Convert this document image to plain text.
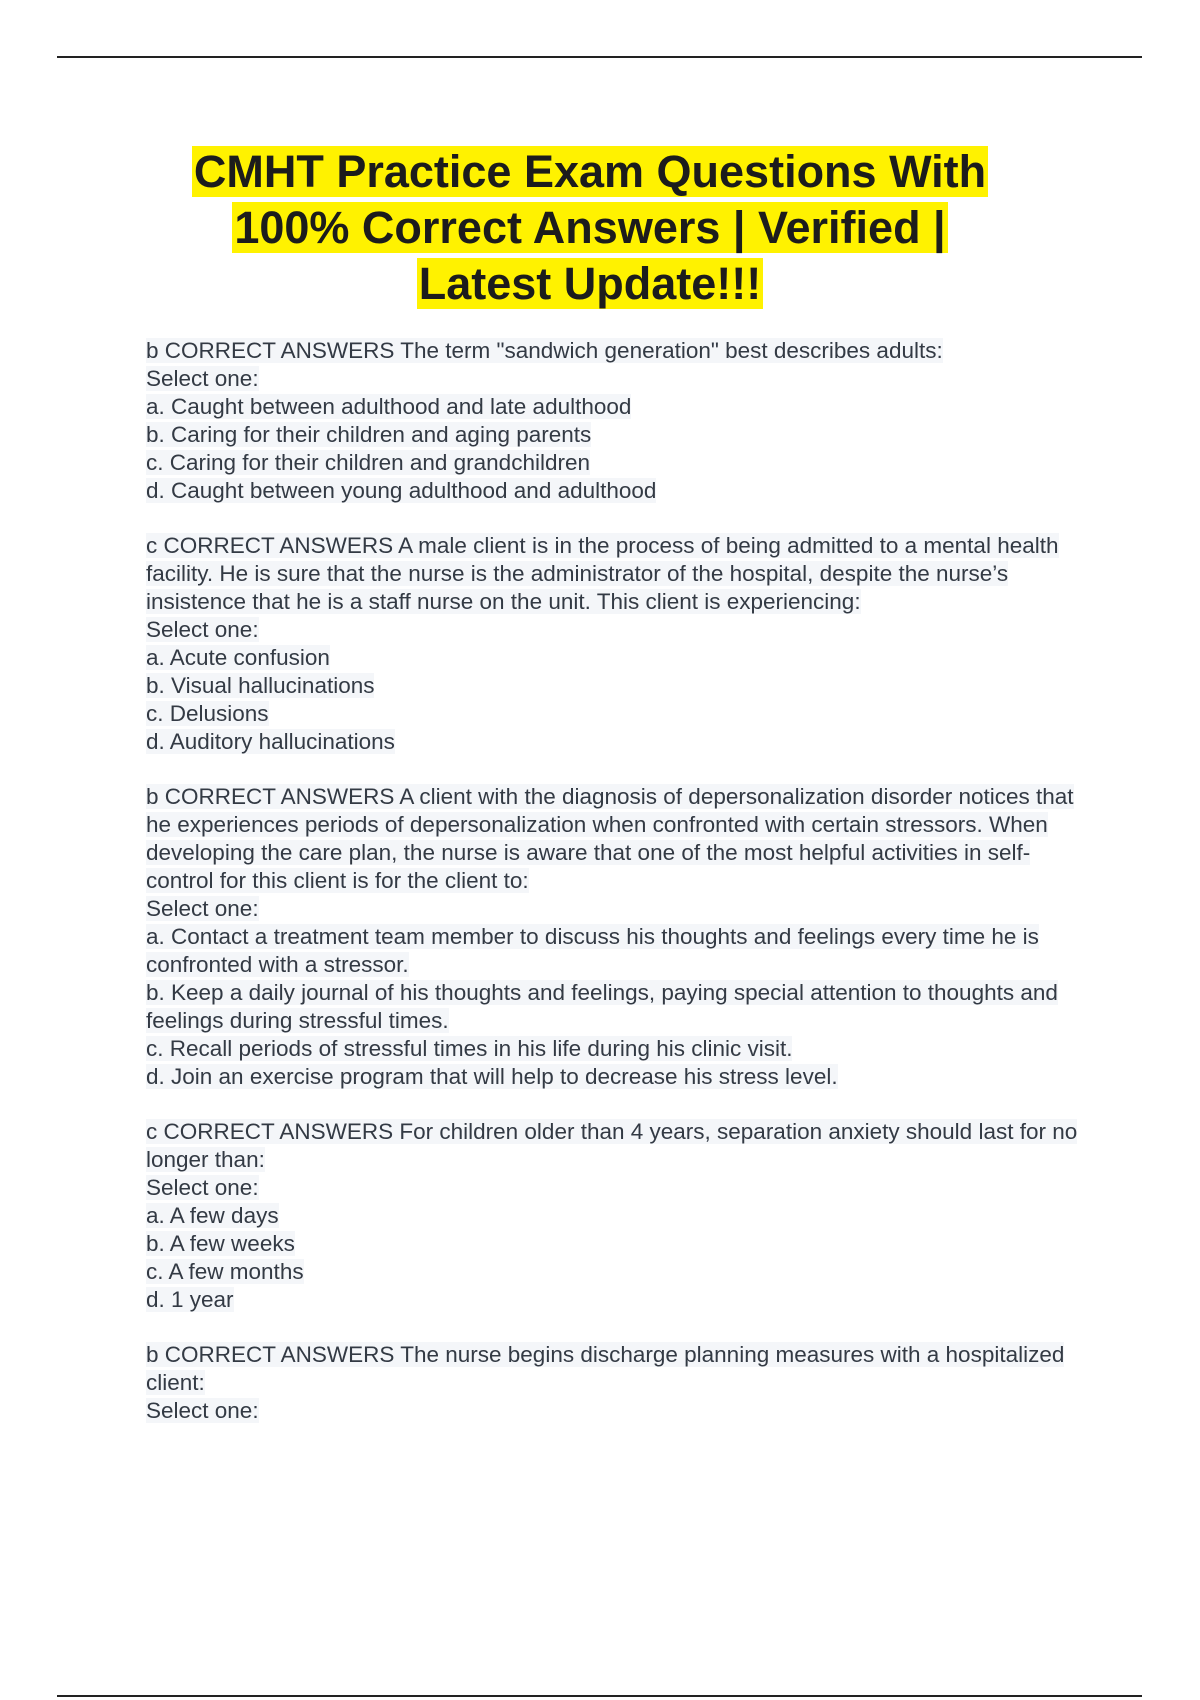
CMHT Practice Exam Questions With
100% Correct Answers | Verified |
Latest Update!!!

b CORRECT ANSWERS The term "sandwich generation" best describes adults:

Select one:

a. Caught between adulthood and late adulthood

b. Caring for their children and aging parents

c. Caring for their children and grandchildren

d. Caught between young adulthood and adulthood

c CORRECT ANSWERS A male client is in the process of being admitted to a mental health facility. He is sure that the nurse is the administrator of the hospital, despite the nurse’s insistence that he is a staff nurse on the unit. This client is experiencing:

Select one:

a. Acute confusion

b. Visual hallucinations

c. Delusions

d. Auditory hallucinations

b CORRECT ANSWERS A client with the diagnosis of depersonalization disorder notices that he experiences periods of depersonalization when confronted with certain stressors. When developing the care plan, the nurse is aware that one of the most helpful activities in self-control for this client is for the client to:

Select one:

a. Contact a treatment team member to discuss his thoughts and feelings every time he is confronted with a stressor.

b. Keep a daily journal of his thoughts and feelings, paying special attention to thoughts and feelings during stressful times.

c. Recall periods of stressful times in his life during his clinic visit.

d. Join an exercise program that will help to decrease his stress level.

c CORRECT ANSWERS For children older than 4 years, separation anxiety should last for no longer than:

Select one:

a. A few days

b. A few weeks

c. A few months

d. 1 year

b CORRECT ANSWERS The nurse begins discharge planning measures with a hospitalized client:

Select one:
